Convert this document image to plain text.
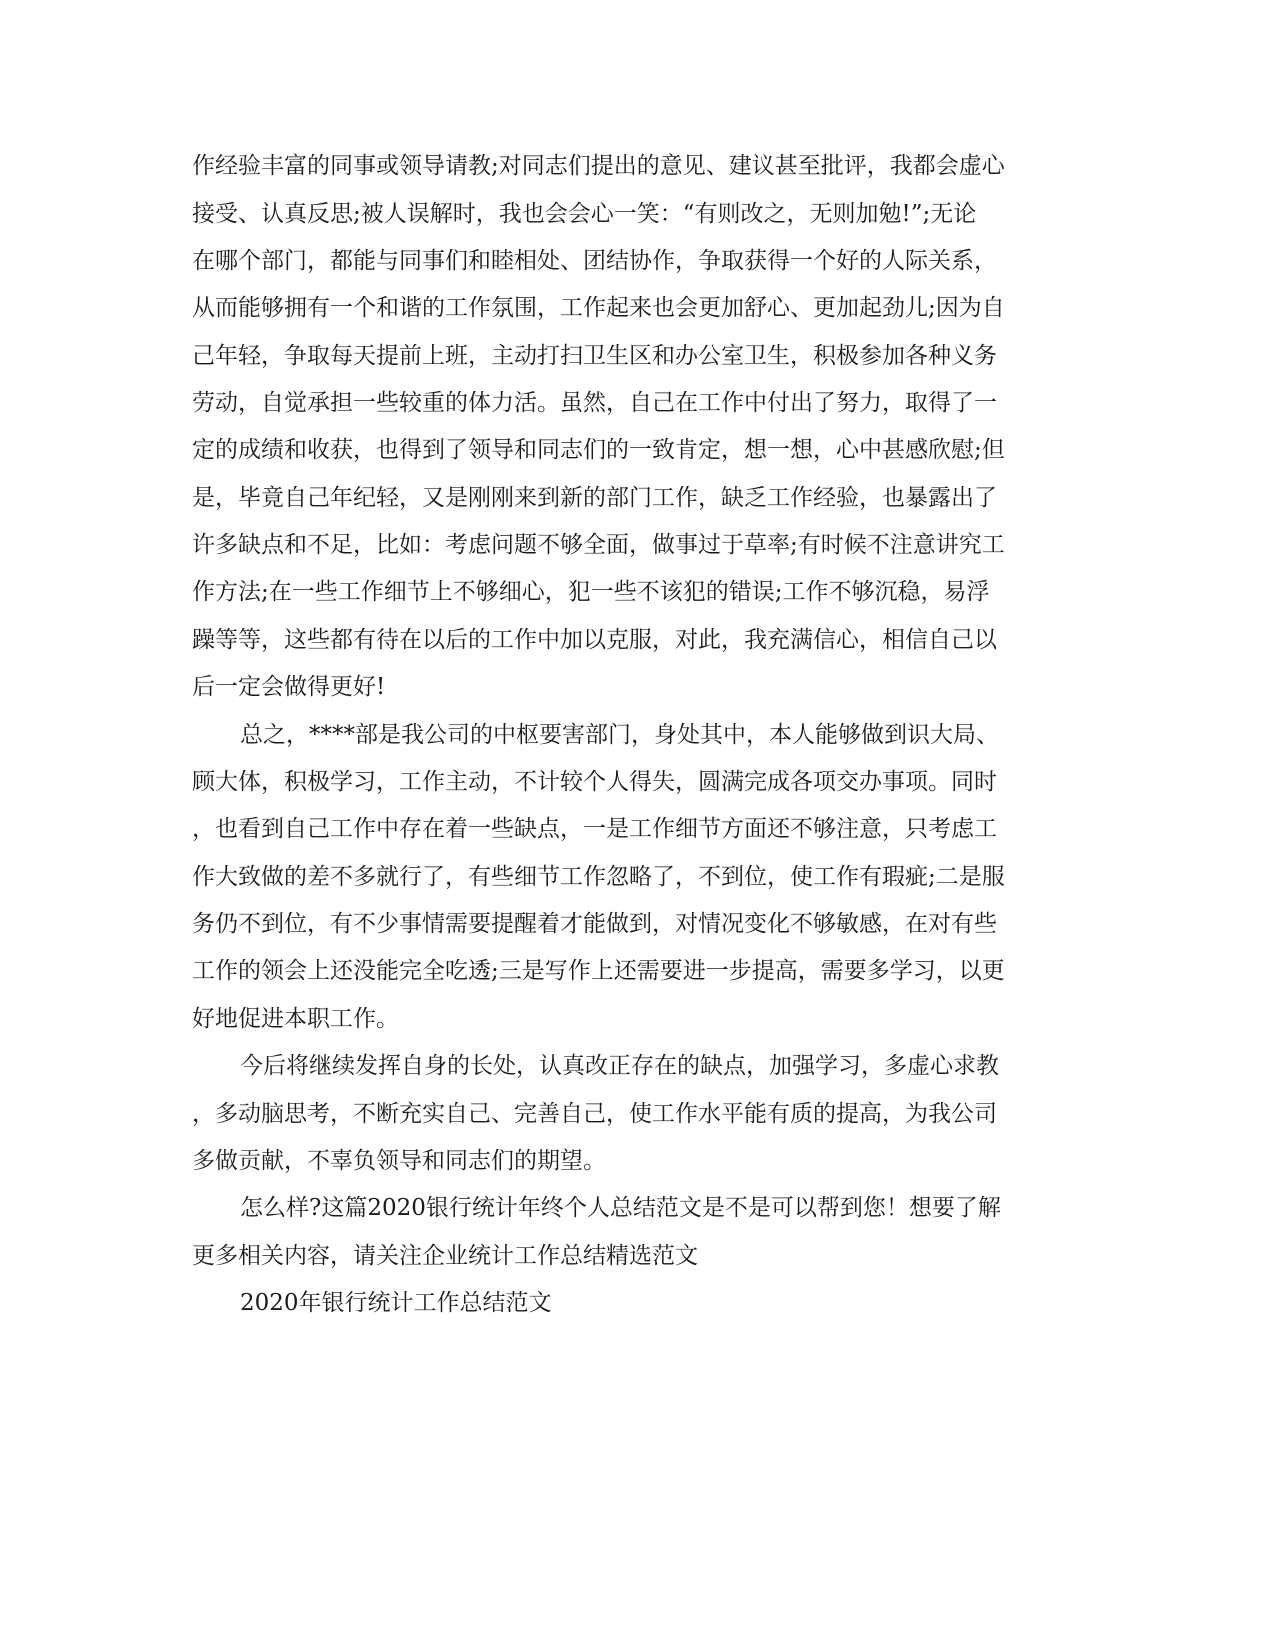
作经验丰富的同事或领导请教;对同志们提出的意见、建议甚至批评，我都会虚心
接受、认真反思;被人误解时，我也会会心一笑：“有则改之，无则加勉!”;无论
在哪个部门，都能与同事们和睦相处、团结协作，争取获得一个好的人际关系，
从而能够拥有一个和谐的工作氛围，工作起来也会更加舒心、更加起劲儿;因为自
己年轻，争取每天提前上班，主动打扫卫生区和办公室卫生，积极参加各种义务
劳动，自觉承担一些较重的体力活。虽然，自己在工作中付出了努力，取得了一
定的成绩和收获，也得到了领导和同志们的一致肯定，想一想，心中甚感欣慰;但
是，毕竟自己年纪轻，又是刚刚来到新的部门工作，缺乏工作经验，也暴露出了
许多缺点和不足，比如：考虑问题不够全面，做事过于草率;有时候不注意讲究工
作方法;在一些工作细节上不够细心，犯一些不该犯的错误;工作不够沉稳，易浮
躁等等，这些都有待在以后的工作中加以克服，对此，我充满信心，相信自己以
后一定会做得更好!
总之，****部是我公司的中枢要害部门，身处其中，本人能够做到识大局、
顾大体，积极学习，工作主动，不计较个人得失，圆满完成各项交办事项。同时
，也看到自己工作中存在着一些缺点，一是工作细节方面还不够注意，只考虑工
作大致做的差不多就行了，有些细节工作忽略了，不到位，使工作有瑕疵;二是服
务仍不到位，有不少事情需要提醒着才能做到，对情况变化不够敏感，在对有些
工作的领会上还没能完全吃透;三是写作上还需要进一步提高，需要多学习，以更
好地促进本职工作。
今后将继续发挥自身的长处，认真改正存在的缺点，加强学习，多虚心求教
，多动脑思考，不断充实自己、完善自己，使工作水平能有质的提高，为我公司
多做贡献，不辜负领导和同志们的期望。
怎么样?这篇2020银行统计年终个人总结范文是不是可以帮到您！想要了解
更多相关内容，请关注企业统计工作总结精选范文
2020年银行统计工作总结范文
